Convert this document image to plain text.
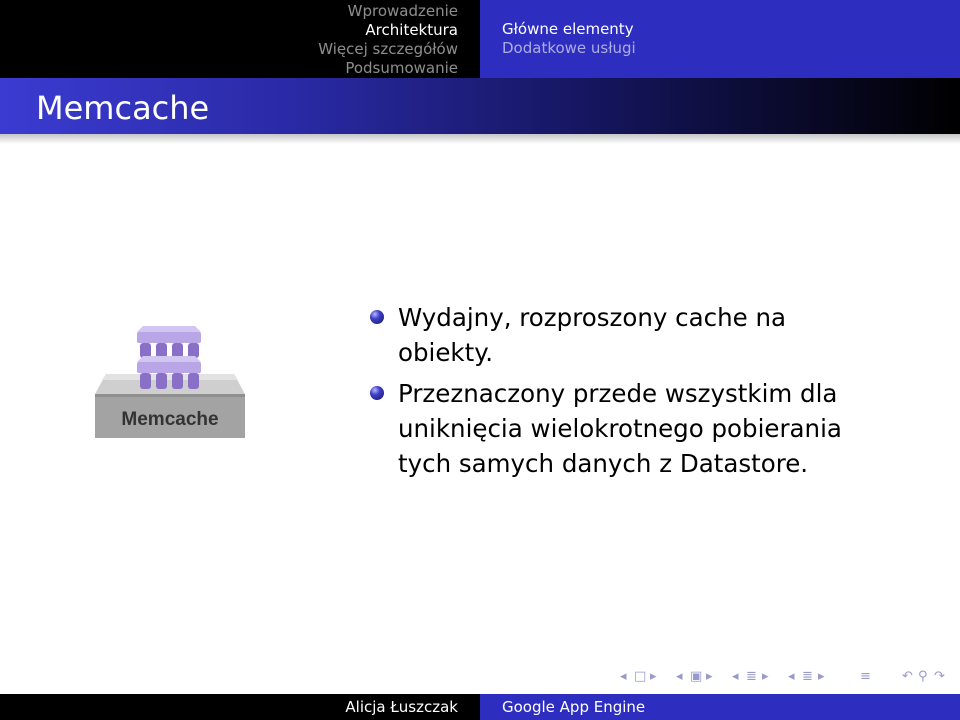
Wprowadzenie
Architektura
Więcej szczegółów
Podsumowanie
Główne elementy
Dodatkowe usługi
Memcache
Memcache
Wydajny, rozproszony cache na obiekty.
Przeznaczony przede wszystkim dla uniknięcia wielokrotnego pobierania tych samych danych z Datastore.
◂ □ ▸ ◂ ▣ ▸ ◂ ≣ ▸ ◂ ≣ ▸	≡ ↶ ⚲ ↷
Alicja Łuszczak	Google App Engine
